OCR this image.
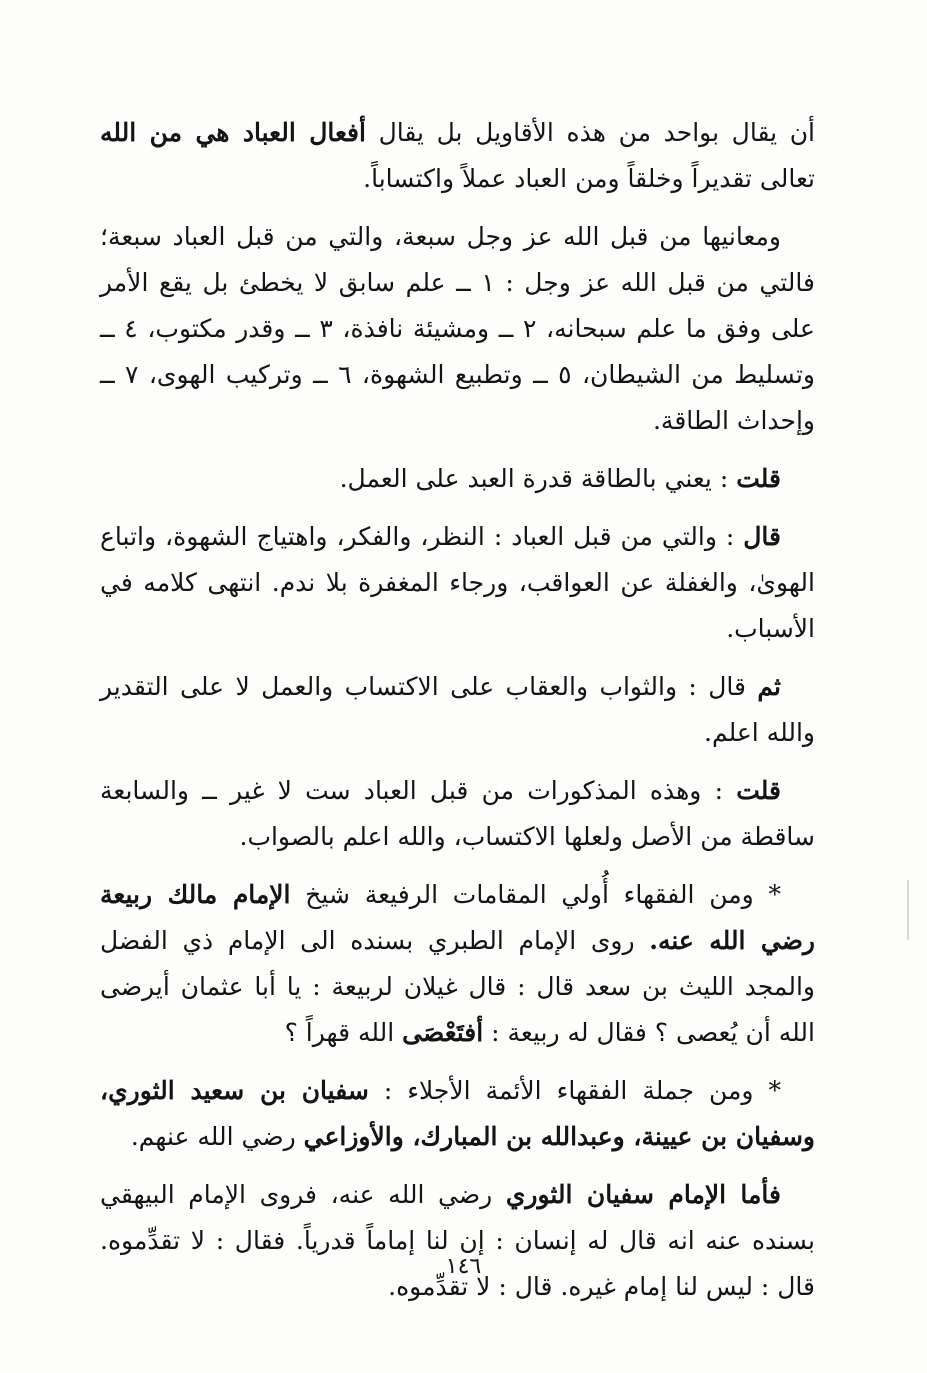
أن يقال بواحد من هذه الأقاويل بل يقال أفعال العباد هي من الله تعالى تقديراً وخلقاً ومن العباد عملاً واكتساباً.

ومعانيها من قبل الله عز وجل سبعة، والتي من قبل العباد سبعة؛ فالتي من قبل الله عز وجل : ١ ــ علم سابق لا يخطئ بل يقع الأمر على وفق ما علم سبحانه، ٢ ــ ومشيئة نافذة، ٣ ــ وقدر مكتوب، ٤ ــ وتسليط من الشيطان، ٥ ــ وتطبيع الشهوة، ٦ ــ وتركيب الهوى، ٧ ــ وإحداث الطاقة.

قلت : يعني بالطاقة قدرة العبد على العمل.

قال : والتي من قبل العباد : النظر، والفكر، واهتياج الشهوة، واتباع الهوىٰ، والغفلة عن العواقب، ورجاء المغفرة بلا ندم. انتهى كلامه في الأسباب.

ثم قال : والثواب والعقاب على الاكتساب والعمل لا على التقدير والله اعلم.

قلت : وهذه المذكورات من قبل العباد ست لا غير ــ والسابعة ساقطة من الأصل ولعلها الاكتساب، والله اعلم بالصواب.

* ومن الفقهاء أُولي المقامات الرفيعة شيخ الإمام مالك ربيعة رضي الله عنه. روى الإمام الطبري بسنده الى الإمام ذي الفضل والمجد الليث بن سعد قال : قال غيلان لربيعة : يا أبا عثمان أيرضى الله أن يُعصى ؟ فقال له ربيعة : أفتَعْصَى الله قهراً ؟

* ومن جملة الفقهاء الأئمة الأجلاء : سفيان بن سعيد الثوري، وسفيان بن عيينة، وعبدالله بن المبارك، والأوزاعي رضي الله عنهم.

فأما الإمام سفيان الثوري رضي الله عنه، فروى الإمام البيهقي بسنده عنه انه قال له إنسان : إن لنا إماماً قدرياً. فقال : لا تقدِّموه. قال : ليس لنا إمام غيره. قال : لا تقدِّموه.

١٤٦
